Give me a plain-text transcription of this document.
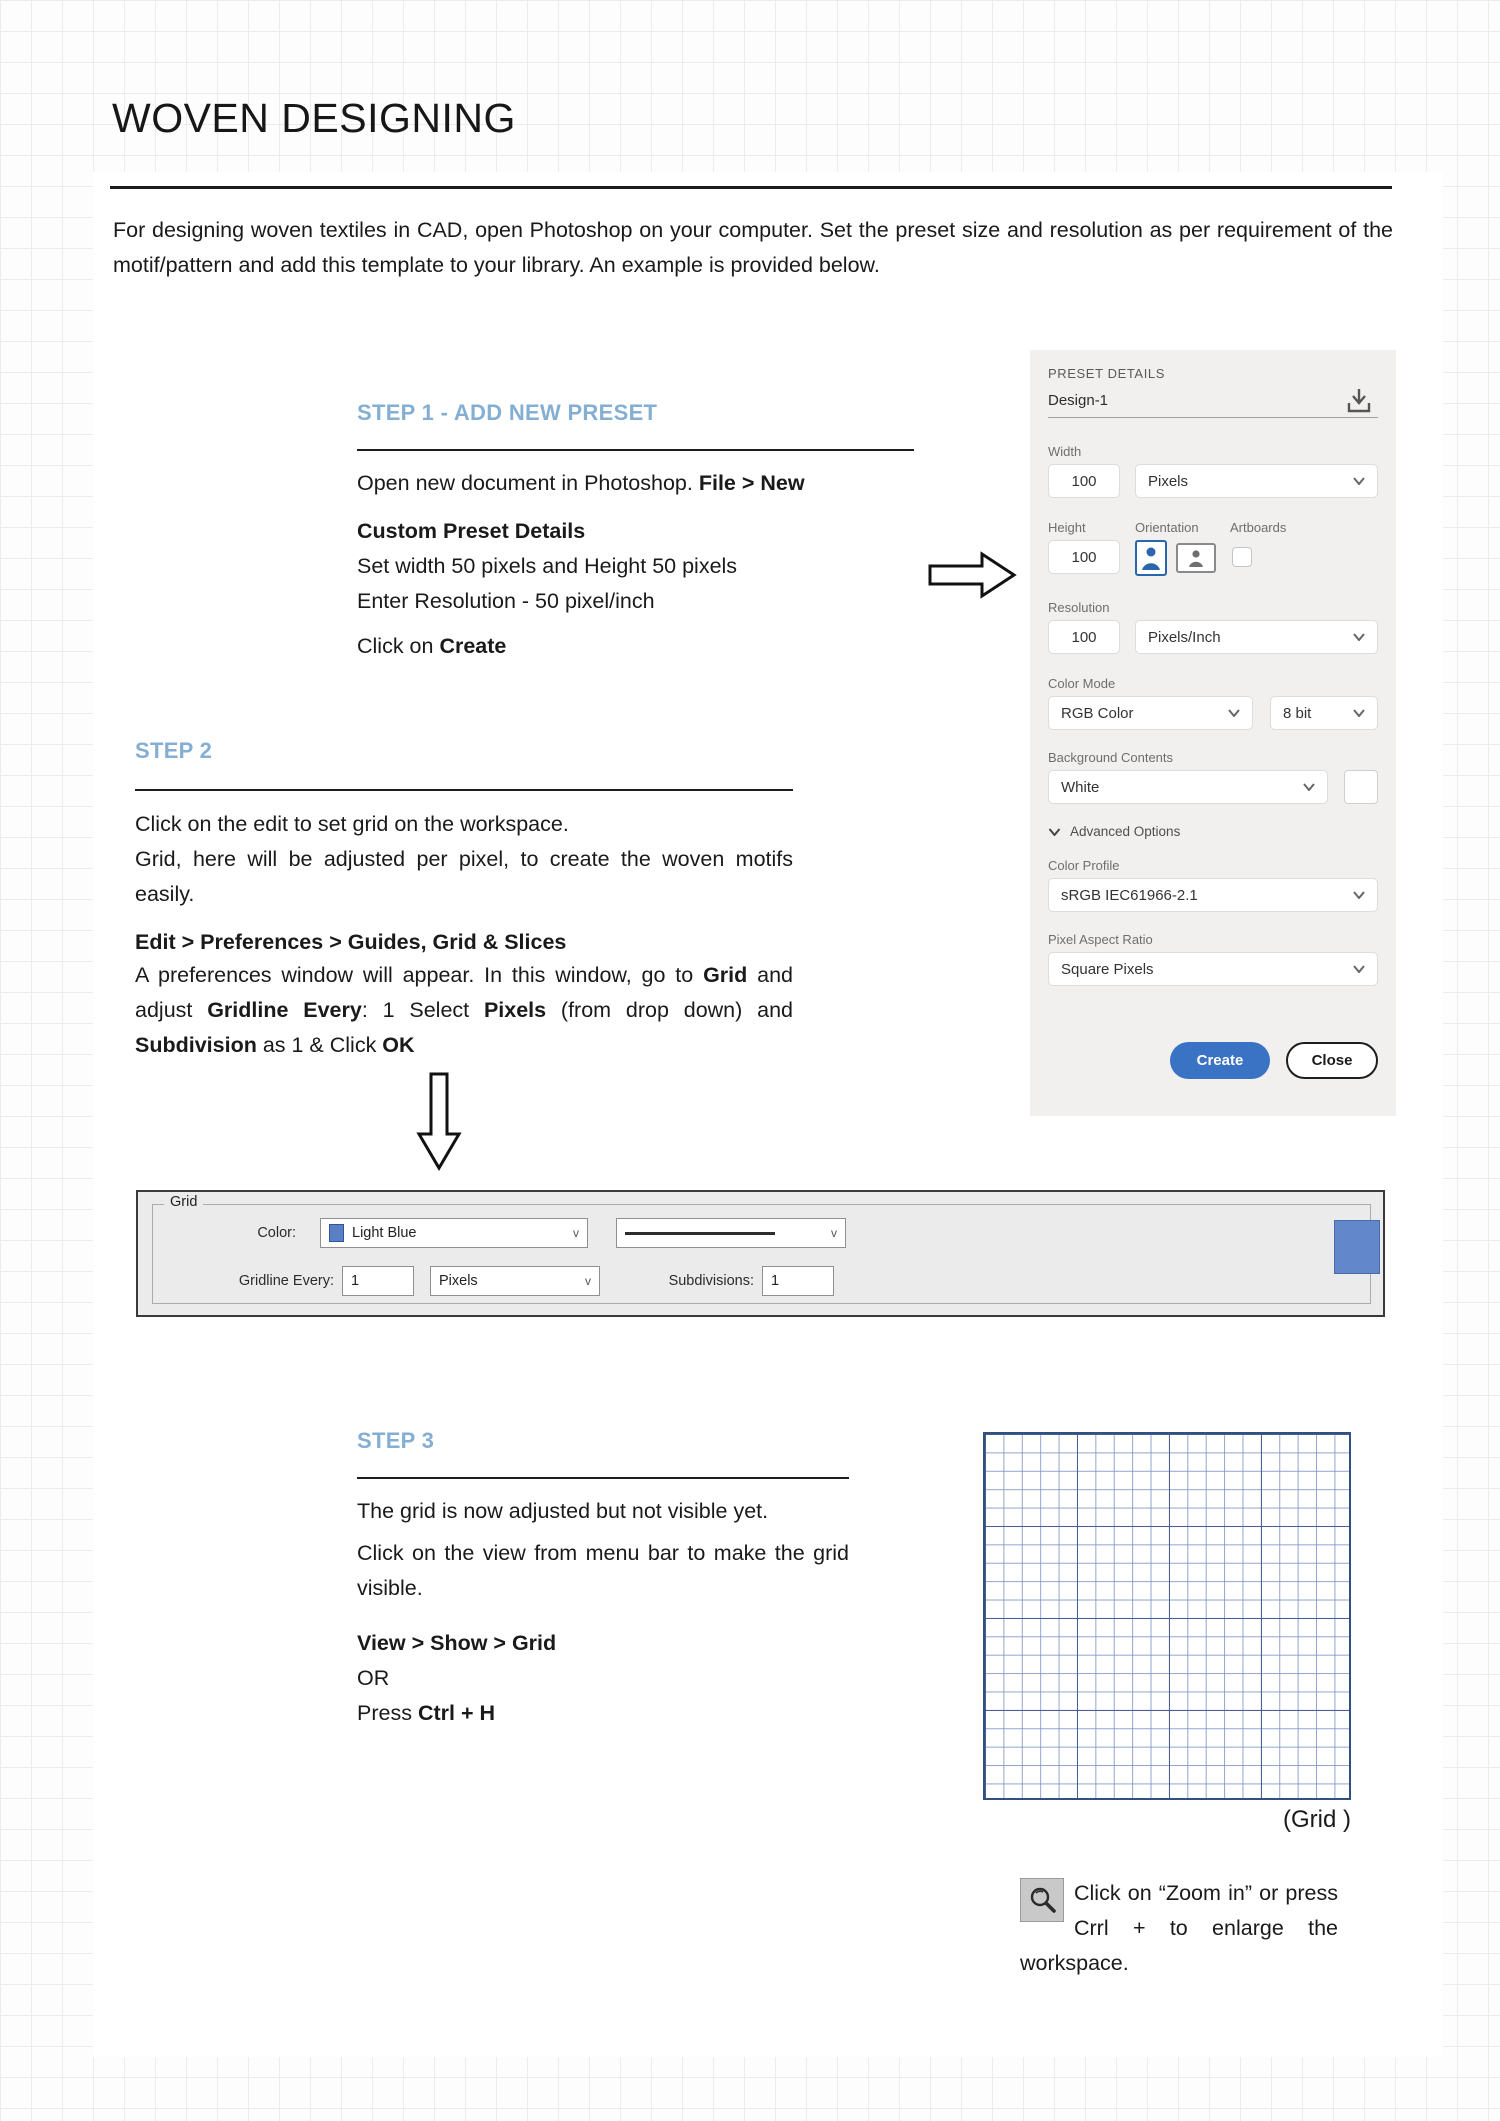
WOVEN DESIGNING
For designing woven textiles in CAD, open Photoshop on your computer. Set the preset size and resolution as per requirement of the motif/pattern and add this template to your library. An example is provided below.
STEP 1 - ADD NEW PRESET
Open new document in Photoshop. File > New
Custom Preset Details
Set width 50 pixels and Height 50 pixels
Enter Resolution - 50 pixel/inch
Click on Create
PRESET DETAILS
Design-1
Width
100
Pixels
Height	Orientation Artboards
100
Resolution
100
Pixels/Inch
Color Mode
RGB Color	8 bit
Background Contents
White
Advanced Options
Color Profile
sRGB IEC61966-2.1
Pixel Aspect Ratio
Square Pixels
Create	Close
STEP 2
Click on the edit to set grid on the workspace.
Grid, here will be adjusted per pixel, to create the woven motifs easily.
Edit > Preferences > Guides, Grid & Slices
A preferences window will appear. In this window, go to Grid and adjust Gridline Every: 1 Select Pixels (from drop down) and Subdivision as 1 & Click OK
Grid
Color:	Light Blue	v	v
Gridline Every:
1	Pixels	v	Subdivisions:
1
STEP 3
The grid is now adjusted but not visible yet.
Click on the view from menu bar to make the grid visible.
View > Show > Grid
OR
Press Ctrl + H
(Grid )
Click on “Zoom in” or press Crrl + to enlarge the workspace.
